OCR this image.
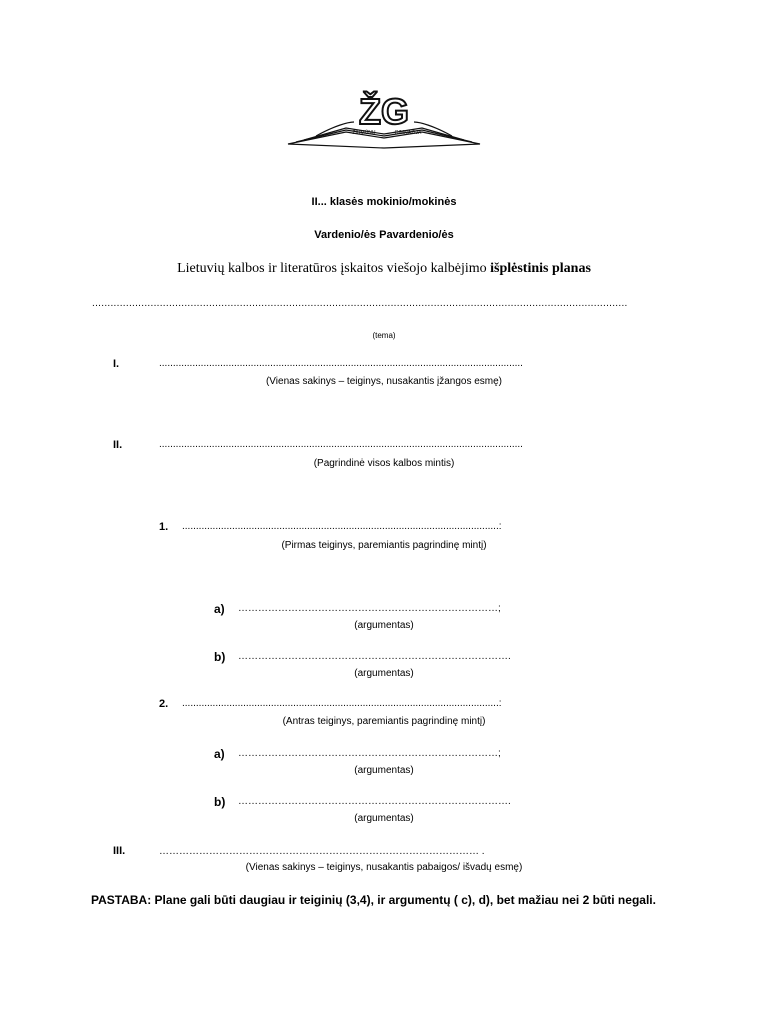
ŽG
ŽIRMŪNŲ	GIMNAZIJA
II... klasės mokinio/mokinės
Vardenio/ės Pavardenio/ės
Lietuvių kalbos ir literatūros įskaitos viešojo kalbėjimo išplėstinis planas
..............................................................................................................................................................................
(tema)
I.	...................................................................................................................................
(Vienas sakinys – teiginys, nusakantis įžangos esmę)
II.	...................................................................................................................................
(Pagrindinė visos kalbos mintis)
1. ..................................................................................................................:
(Pirmas teiginys, paremiantis pagrindinę mintį)
a) ……………………………………………………………………;
(argumentas)
b) ……………………………………………………………………….
(argumentas)
2. ..................................................................................................................:
(Antras teiginys, paremiantis pagrindinę mintį)
a) ……………………………………………………………………;
(argumentas)
b) ……………………………………………………………………….
(argumentas)
III.	…………………………………………………………………………………… .
(Vienas sakinys – teiginys, nusakantis pabaigos/ išvadų esmę)
PASTABA: Plane gali būti daugiau ir teiginių (3,4), ir argumentų ( c), d), bet mažiau nei 2 būti negali.
